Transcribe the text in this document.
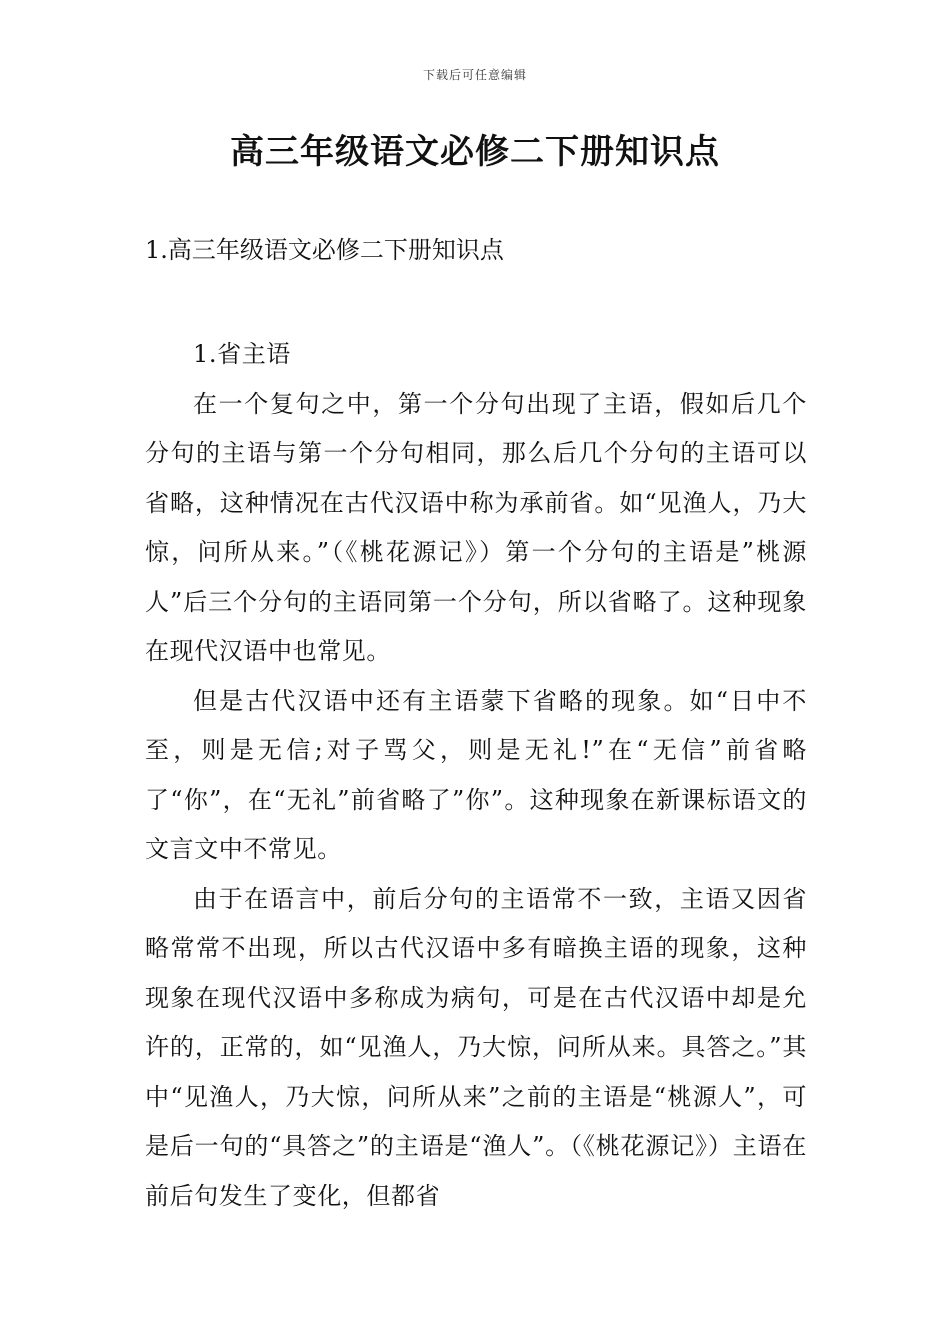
下载后可任意编辑
高三年级语文必修二下册知识点
1.高三年级语文必修二下册知识点

1.省主语

在一个复句之中，第一个分句出现了主语，假如后几个分句的主语与第一个分句相同，那么后几个分句的主语可以省略，这种情况在古代汉语中称为承前省。如“见渔人，乃大惊，问所从来。”（《桃花源记》）第一个分句的主语是”桃源人”后三个分句的主语同第一个分句，所以省略了。这种现象在现代汉语中也常见。

但是古代汉语中还有主语蒙下省略的现象。如“日中不至，则是无信;对子骂父，则是无礼!”在“无信”前省略了“你”，在“无礼”前省略了”你”。这种现象在新课标语文的文言文中不常见。

由于在语言中，前后分句的主语常不一致，主语又因省略常常不出现，所以古代汉语中多有暗换主语的现象，这种现象在现代汉语中多称成为病句，可是在古代汉语中却是允许的，正常的，如“见渔人，乃大惊，问所从来。具答之。”其中“见渔人，乃大惊，问所从来”之前的主语是“桃源人”，可是后一句的“具答之”的主语是“渔人”。（《桃花源记》）主语在前后句发生了变化，但都省
